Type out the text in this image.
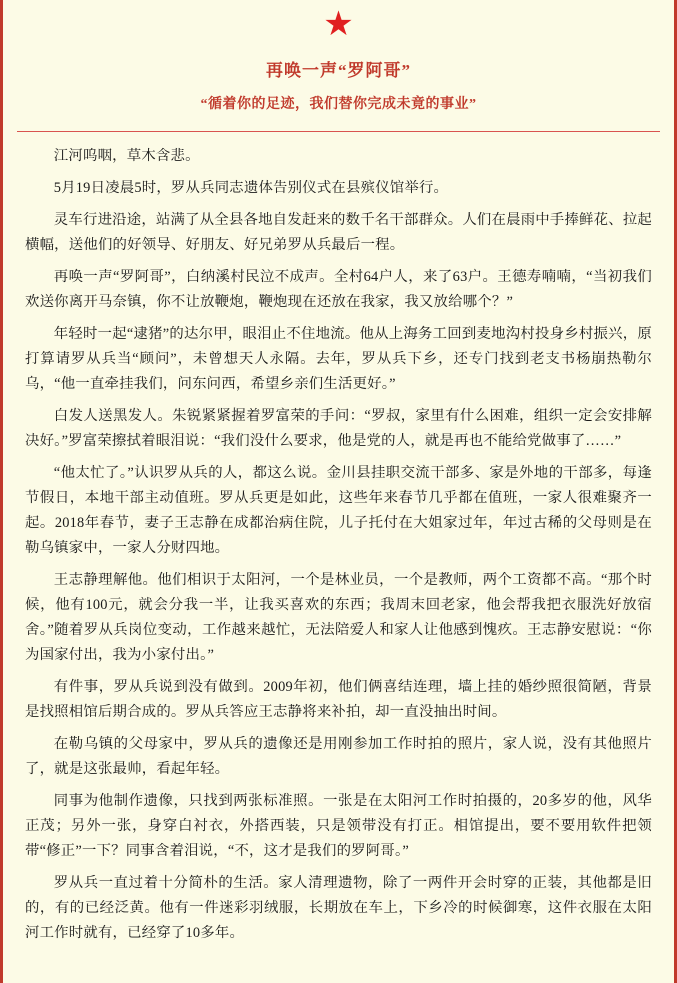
★
再唤一声“罗阿哥”
“循着你的足迹，我们替你完成未竟的事业”

江河呜咽，草木含悲。

5月19日凌晨5时，罗从兵同志遗体告别仪式在县殡仪馆举行。

灵车行进沿途，站满了从全县各地自发赶来的数千名干部群众。人们在晨雨中手捧鲜花、拉起横幅，送他们的好领导、好朋友、好兄弟罗从兵最后一程。

再唤一声“罗阿哥”，白纳溪村民泣不成声。全村64户人，来了63户。王德寿喃喃，“当初我们欢送你离开马奈镇，你不让放鞭炮，鞭炮现在还放在我家，我又放给哪个？”

年轻时一起“逮猪”的达尔甲，眼泪止不住地流。他从上海务工回到麦地沟村投身乡村振兴，原打算请罗从兵当“顾问”，未曾想天人永隔。去年，罗从兵下乡，还专门找到老支书杨崩热勒尔乌，“他一直牵挂我们，问东问西，希望乡亲们生活更好。”

白发人送黑发人。朱锐紧紧握着罗富荣的手问：“罗叔，家里有什么困难，组织一定会安排解决好。”罗富荣擦拭着眼泪说：“我们没什么要求，他是党的人，就是再也不能给党做事了……”

“他太忙了。”认识罗从兵的人，都这么说。金川县挂职交流干部多、家是外地的干部多，每逢节假日，本地干部主动值班。罗从兵更是如此，这些年来春节几乎都在值班，一家人很难聚齐一起。2018年春节，妻子王志静在成都治病住院，儿子托付在大姐家过年，年过古稀的父母则是在勒乌镇家中，一家人分财四地。

王志静理解他。他们相识于太阳河，一个是林业员，一个是教师，两个工资都不高。“那个时候，他有100元，就会分我一半，让我买喜欢的东西；我周末回老家，他会帮我把衣服洗好放宿舍。”随着罗从兵岗位变动，工作越来越忙，无法陪爱人和家人让他感到愧疚。王志静安慰说：“你为国家付出，我为小家付出。”

有件事，罗从兵说到没有做到。2009年初，他们俩喜结连理，墙上挂的婚纱照很简陋，背景是找照相馆后期合成的。罗从兵答应王志静将来补拍，却一直没抽出时间。

在勒乌镇的父母家中，罗从兵的遗像还是用刚参加工作时拍的照片，家人说，没有其他照片了，就是这张最帅，看起年轻。

同事为他制作遗像，只找到两张标准照。一张是在太阳河工作时拍摄的，20多岁的他，风华正茂；另外一张，身穿白衬衣，外搭西装，只是领带没有打正。相馆提出，要不要用软件把领带“修正”一下？同事含着泪说，“不，这才是我们的罗阿哥。”

罗从兵一直过着十分简朴的生活。家人清理遗物，除了一两件开会时穿的正装，其他都是旧的，有的已经泛黄。他有一件迷彩羽绒服，长期放在车上，下乡冷的时候御寒，这件衣服在太阳河工作时就有，已经穿了10多年。
